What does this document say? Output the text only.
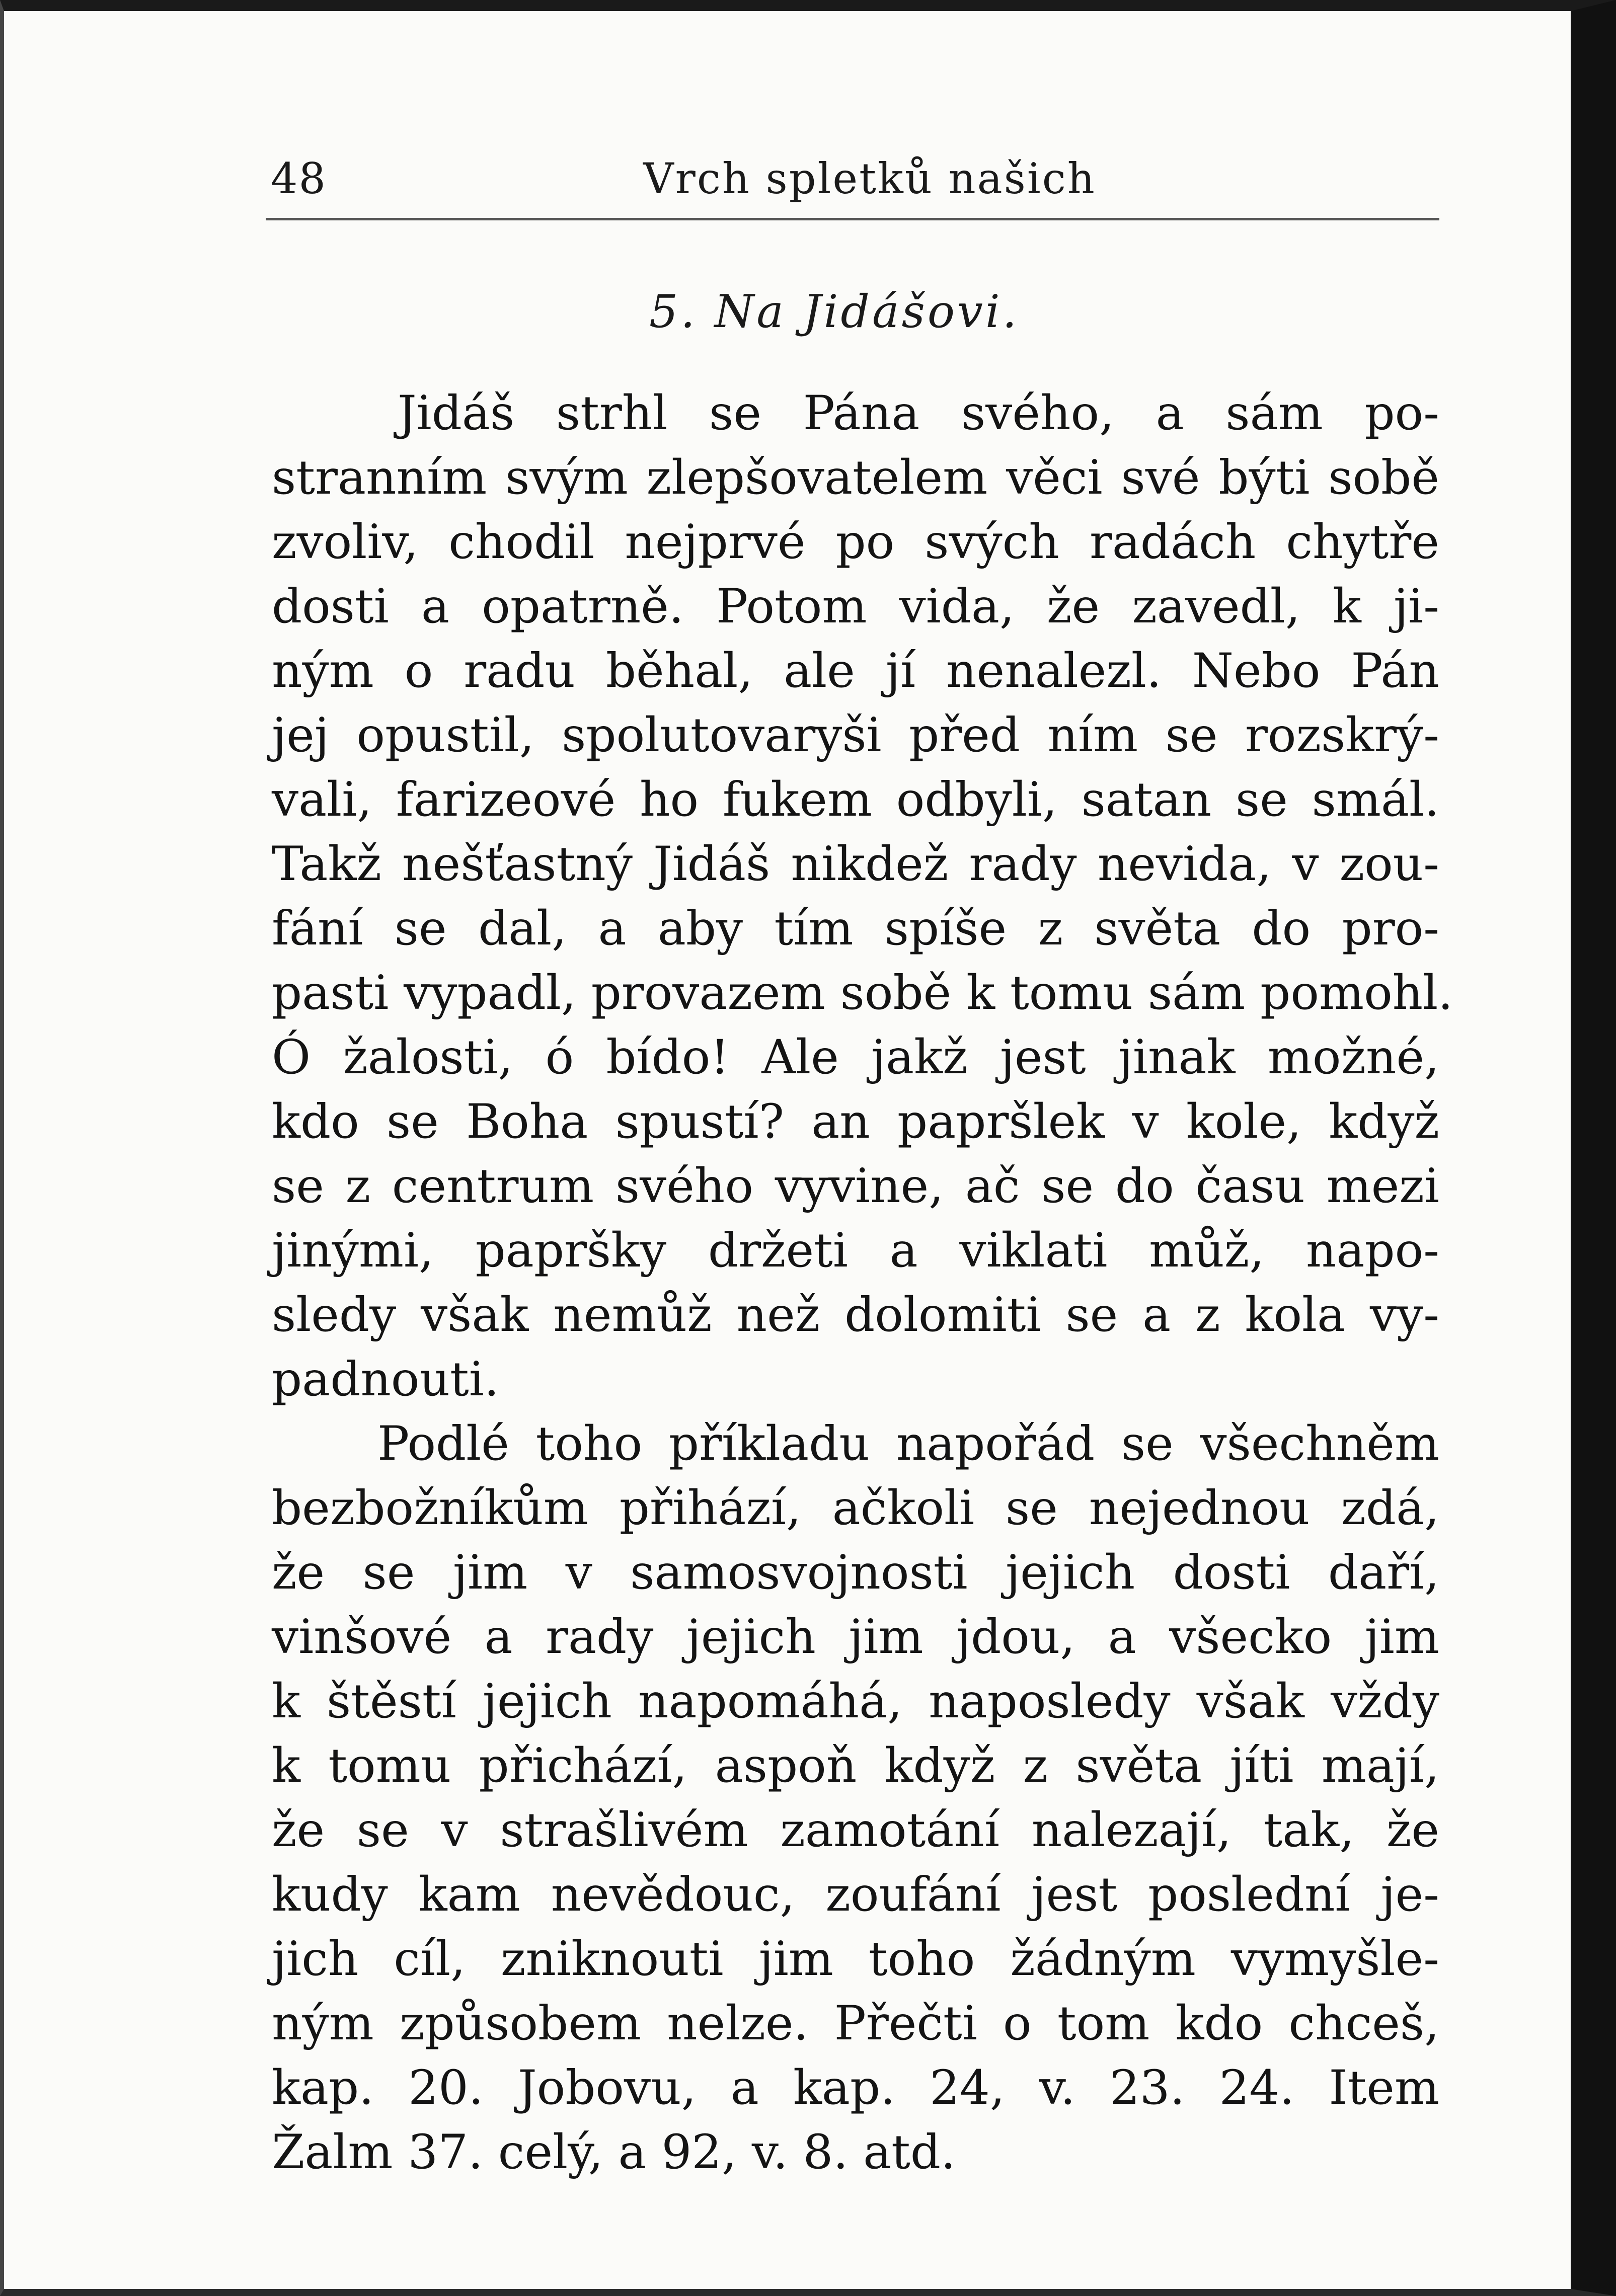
48	Vrch spletků našich
5. Na Jidášovi.
Jidáš strhl se Pána svého, a sám po-
stranním svým zlepšovatelem věci své býti sobě
zvoliv, chodil nejprvé po svých radách chytře
dosti a opatrně. Potom vida, že zavedl, k ji-
ným o radu běhal, ale jí nenalezl. Nebo Pán
jej opustil, spolutovaryši před ním se rozskrý-
vali, farizeové ho fukem odbyli, satan se smál.
Takž nešťastný Jidáš nikdež rady nevida, v zou-
fání se dal, a aby tím spíše z světa do pro-
pasti vypadl, provazem sobě k tomu sám pomohl.
Ó žalosti, ó bído! Ale jakž jest jinak možné,
kdo se Boha spustí? an papršlek v kole, když
se z centrum svého vyvine, ač se do času mezi
jinými, papršky držeti a viklati můž, napo-
sledy však nemůž než dolomiti se a z kola vy-
padnouti.
Podlé toho příkladu napořád se všechněm
bezbožníkům přihází, ačkoli se nejednou zdá,
že se jim v samosvojnosti jejich dosti daří,
vinšové a rady jejich jim jdou, a všecko jim
k štěstí jejich napomáhá, naposledy však vždy
k tomu přichází, aspoň když z světa jíti mají,
že se v strašlivém zamotání nalezají, tak, že
kudy kam nevědouc, zoufání jest poslední je-
jich cíl, zniknouti jim toho žádným vymyšle-
ným způsobem nelze. Přečti o tom kdo chceš,
kap. 20. Jobovu, a kap. 24, v. 23. 24. Item
Žalm 37. celý, a 92, v. 8. atd.
